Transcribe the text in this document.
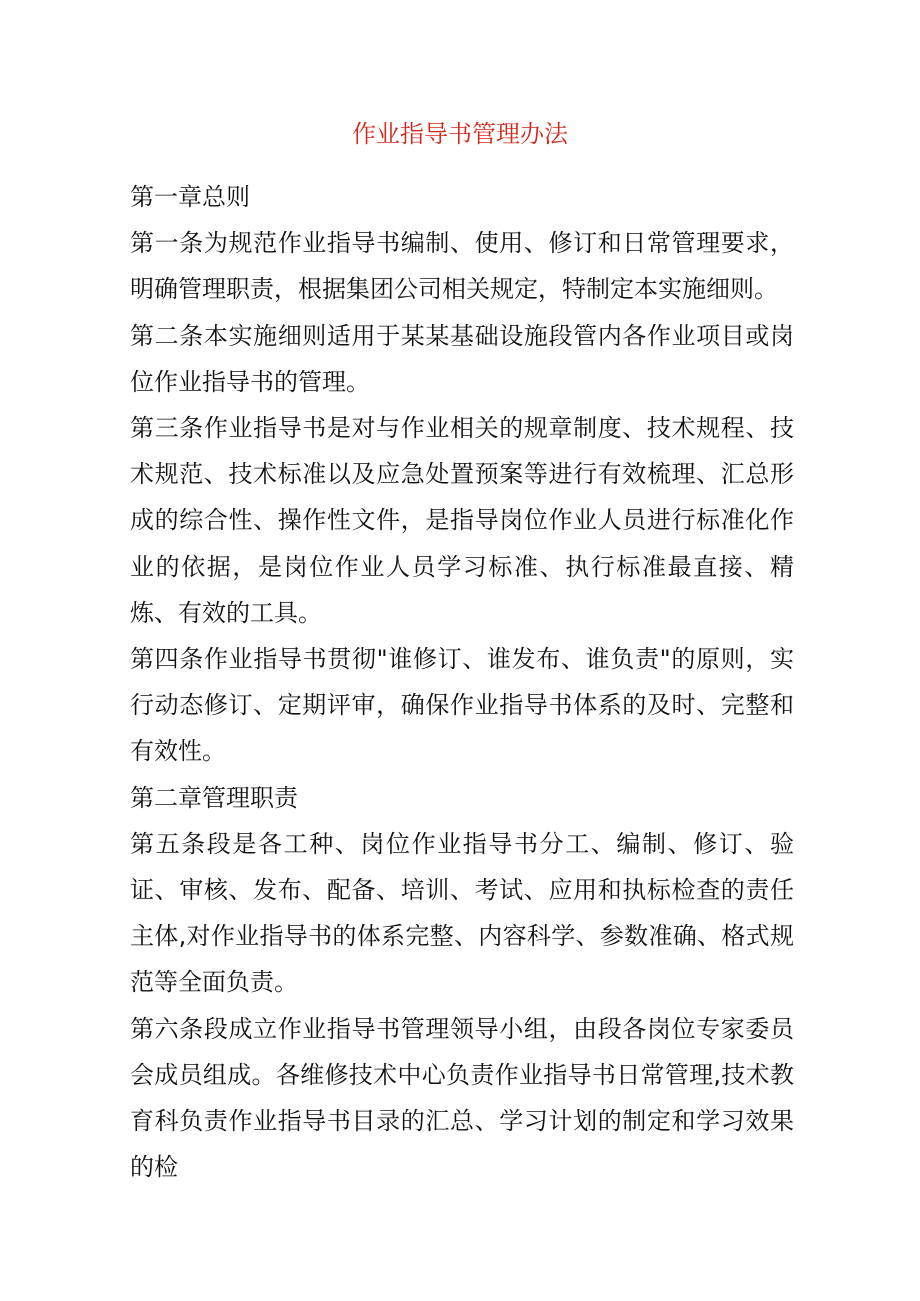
作业指导书管理办法

第一章总则

第一条为规范作业指导书编制、使用、修订和日常管理要求，明确管理职责，根据集团公司相关规定，特制定本实施细则。

第二条本实施细则适用于某某基础设施段管内各作业项目或岗位作业指导书的管理。

第三条作业指导书是对与作业相关的规章制度、技术规程、技术规范、技术标准以及应急处置预案等进行有效梳理、汇总形成的综合性、操作性文件，是指导岗位作业人员进行标准化作业的依据，是岗位作业人员学习标准、执行标准最直接、精炼、有效的工具。

第四条作业指导书贯彻"谁修订、谁发布、谁负责"的原则，实行动态修订、定期评审，确保作业指导书体系的及时、完整和有效性。

第二章管理职责

第五条段是各工种、岗位作业指导书分工、编制、修订、验证、审核、发布、配备、培训、考试、应用和执标检查的责任主体,对作业指导书的体系完整、内容科学、参数准确、格式规范等全面负责。

第六条段成立作业指导书管理领导小组，由段各岗位专家委员会成员组成。各维修技术中心负责作业指导书日常管理,技术教育科负责作业指导书目录的汇总、学习计划的制定和学习效果的检
